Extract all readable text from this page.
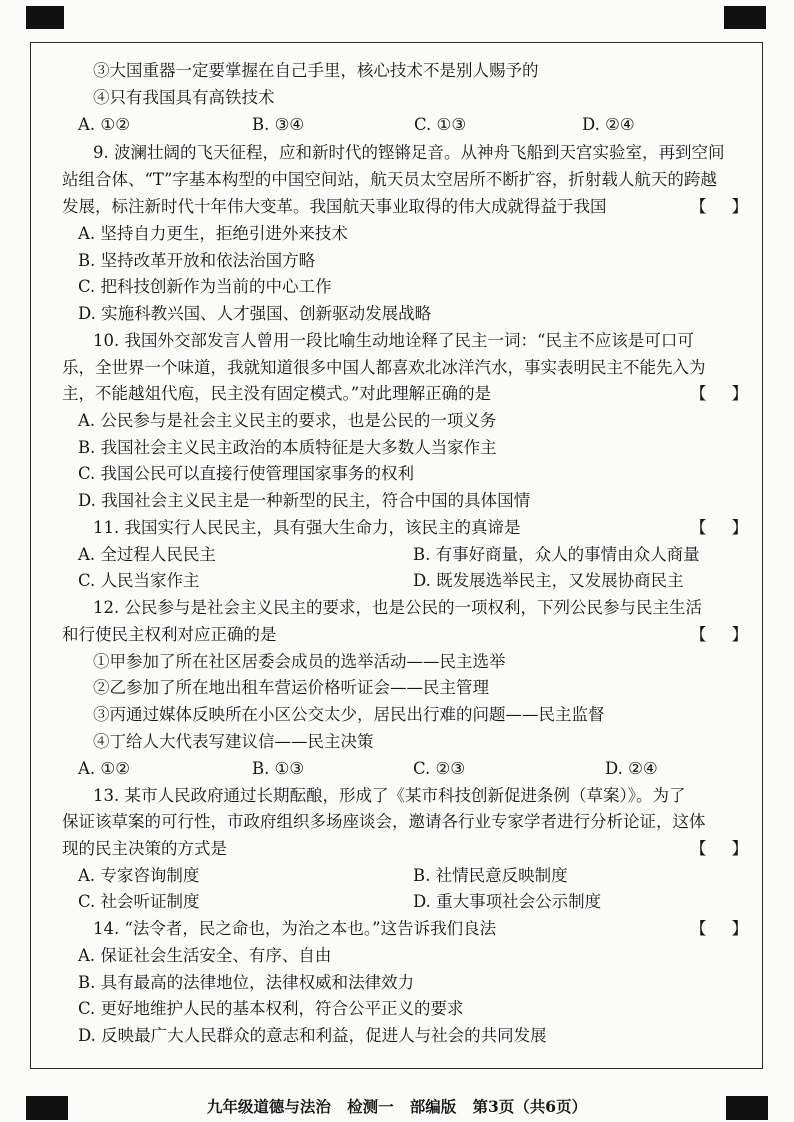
③大国重器一定要掌握在自己手里，核心技术不是别人赐予的
④只有我国具有高铁技术
A. ①②	B. ③④	C. ①③	D. ②④
9. 波澜壮阔的飞天征程，应和新时代的铿锵足音。从神舟飞船到天宫实验室，再到空间
站组合体、“T”字基本构型的中国空间站，航天员太空居所不断扩容，折射载人航天的跨越
发展，标注新时代十年伟大变革。我国航天事业取得的伟大成就得益于我国	【 】
A. 坚持自力更生，拒绝引进外来技术
B. 坚持改革开放和依法治国方略
C. 把科技创新作为当前的中心工作
D. 实施科教兴国、人才强国、创新驱动发展战略
10. 我国外交部发言人曾用一段比喻生动地诠释了民主一词：“民主不应该是可口可
乐，全世界一个味道，我就知道很多中国人都喜欢北冰洋汽水，事实表明民主不能先入为
主，不能越俎代庖，民主没有固定模式。”对此理解正确的是	【 】
A. 公民参与是社会主义民主的要求，也是公民的一项义务
B. 我国社会主义民主政治的本质特征是大多数人当家作主
C. 我国公民可以直接行使管理国家事务的权利
D. 我国社会主义民主是一种新型的民主，符合中国的具体国情
11. 我国实行人民民主，具有强大生命力，该民主的真谛是	【 】
A. 全过程人民民主	B. 有事好商量，众人的事情由众人商量
C. 人民当家作主	D. 既发展选举民主，又发展协商民主
12. 公民参与是社会主义民主的要求，也是公民的一项权利，下列公民参与民主生活
和行使民主权利对应正确的是	【 】
①甲参加了所在社区居委会成员的选举活动——民主选举
②乙参加了所在地出租车营运价格听证会——民主管理
③丙通过媒体反映所在小区公交太少，居民出行难的问题——民主监督
④丁给人大代表写建议信——民主决策
A. ①②	B. ①③	C. ②③	D. ②④
13. 某市人民政府通过长期酝酿，形成了《某市科技创新促进条例（草案）》。为了
保证该草案的可行性，市政府组织多场座谈会，邀请各行业专家学者进行分析论证，这体
现的民主决策的方式是	【 】
A. 专家咨询制度	B. 社情民意反映制度
C. 社会听证制度	D. 重大事项社会公示制度
14. “法令者，民之命也，为治之本也。”这告诉我们良法	【 】
A. 保证社会生活安全、有序、自由
B. 具有最高的法律地位，法律权威和法律效力
C. 更好地维护人民的基本权利，符合公平正义的要求
D. 反映最广大人民群众的意志和利益，促进人与社会的共同发展
九年级道德与法治   检测一   部编版   第3页（共6页）
